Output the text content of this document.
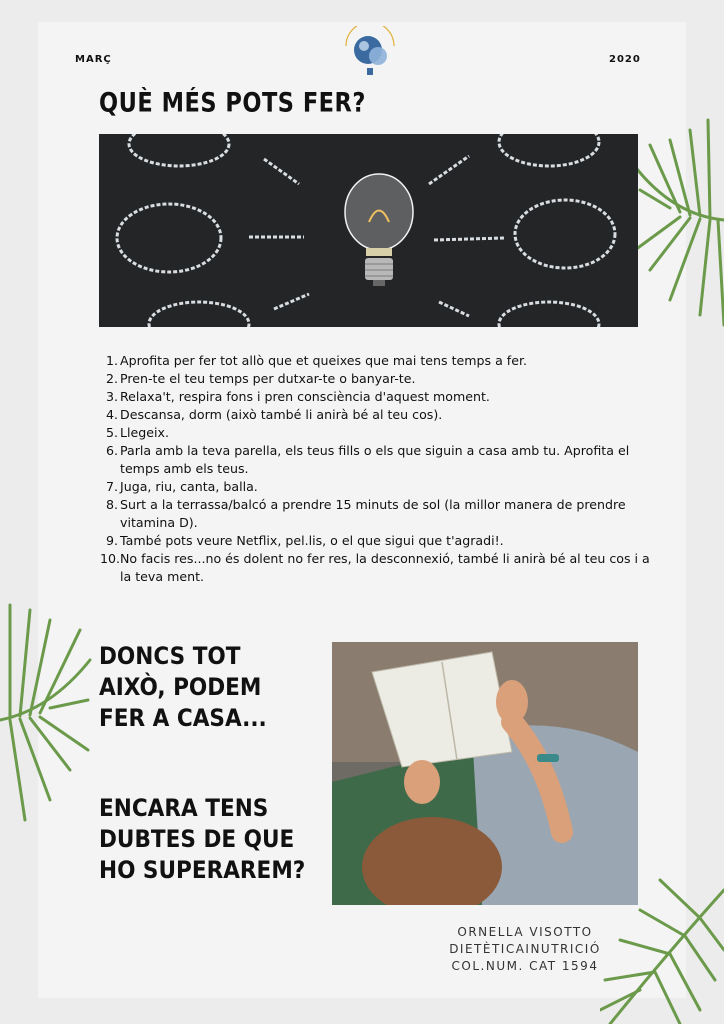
MARÇ	2020
QUÈ MÉS POTS FER?
1. Aprofita per fer tot allò que et queixes que mai tens temps a fer.
2. Pren-te el teu temps per dutxar-te o banyar-te.
3. Relaxa't, respira fons i pren consciència d'aquest moment.
4. Descansa, dorm (això també li anirà bé al teu cos).
5. Llegeix.
6. Parla amb la teva parella, els teus fills o els que siguin a casa amb tu. Aprofita el temps amb els teus.
7. Juga, riu, canta, balla.
8. Surt a la terrassa/balcó a prendre 15 minuts de sol (la millor manera de prendre vitamina D).
9. També pots veure Netflix, pel.lis, o el que sigui que t'agradi!.
10. No facis res...no és dolent no fer res, la desconnexió, també li anirà bé al teu cos i a la teva ment.
DONCS TOT
AIXÒ, PODEM
FER A CASA...
ENCARA TENS
DUBTES DE QUE
HO SUPERAREM?
ORNELLA VISOTTO
DIETÈTICAINUTRICIÓ
COL.NUM. CAT 1594
